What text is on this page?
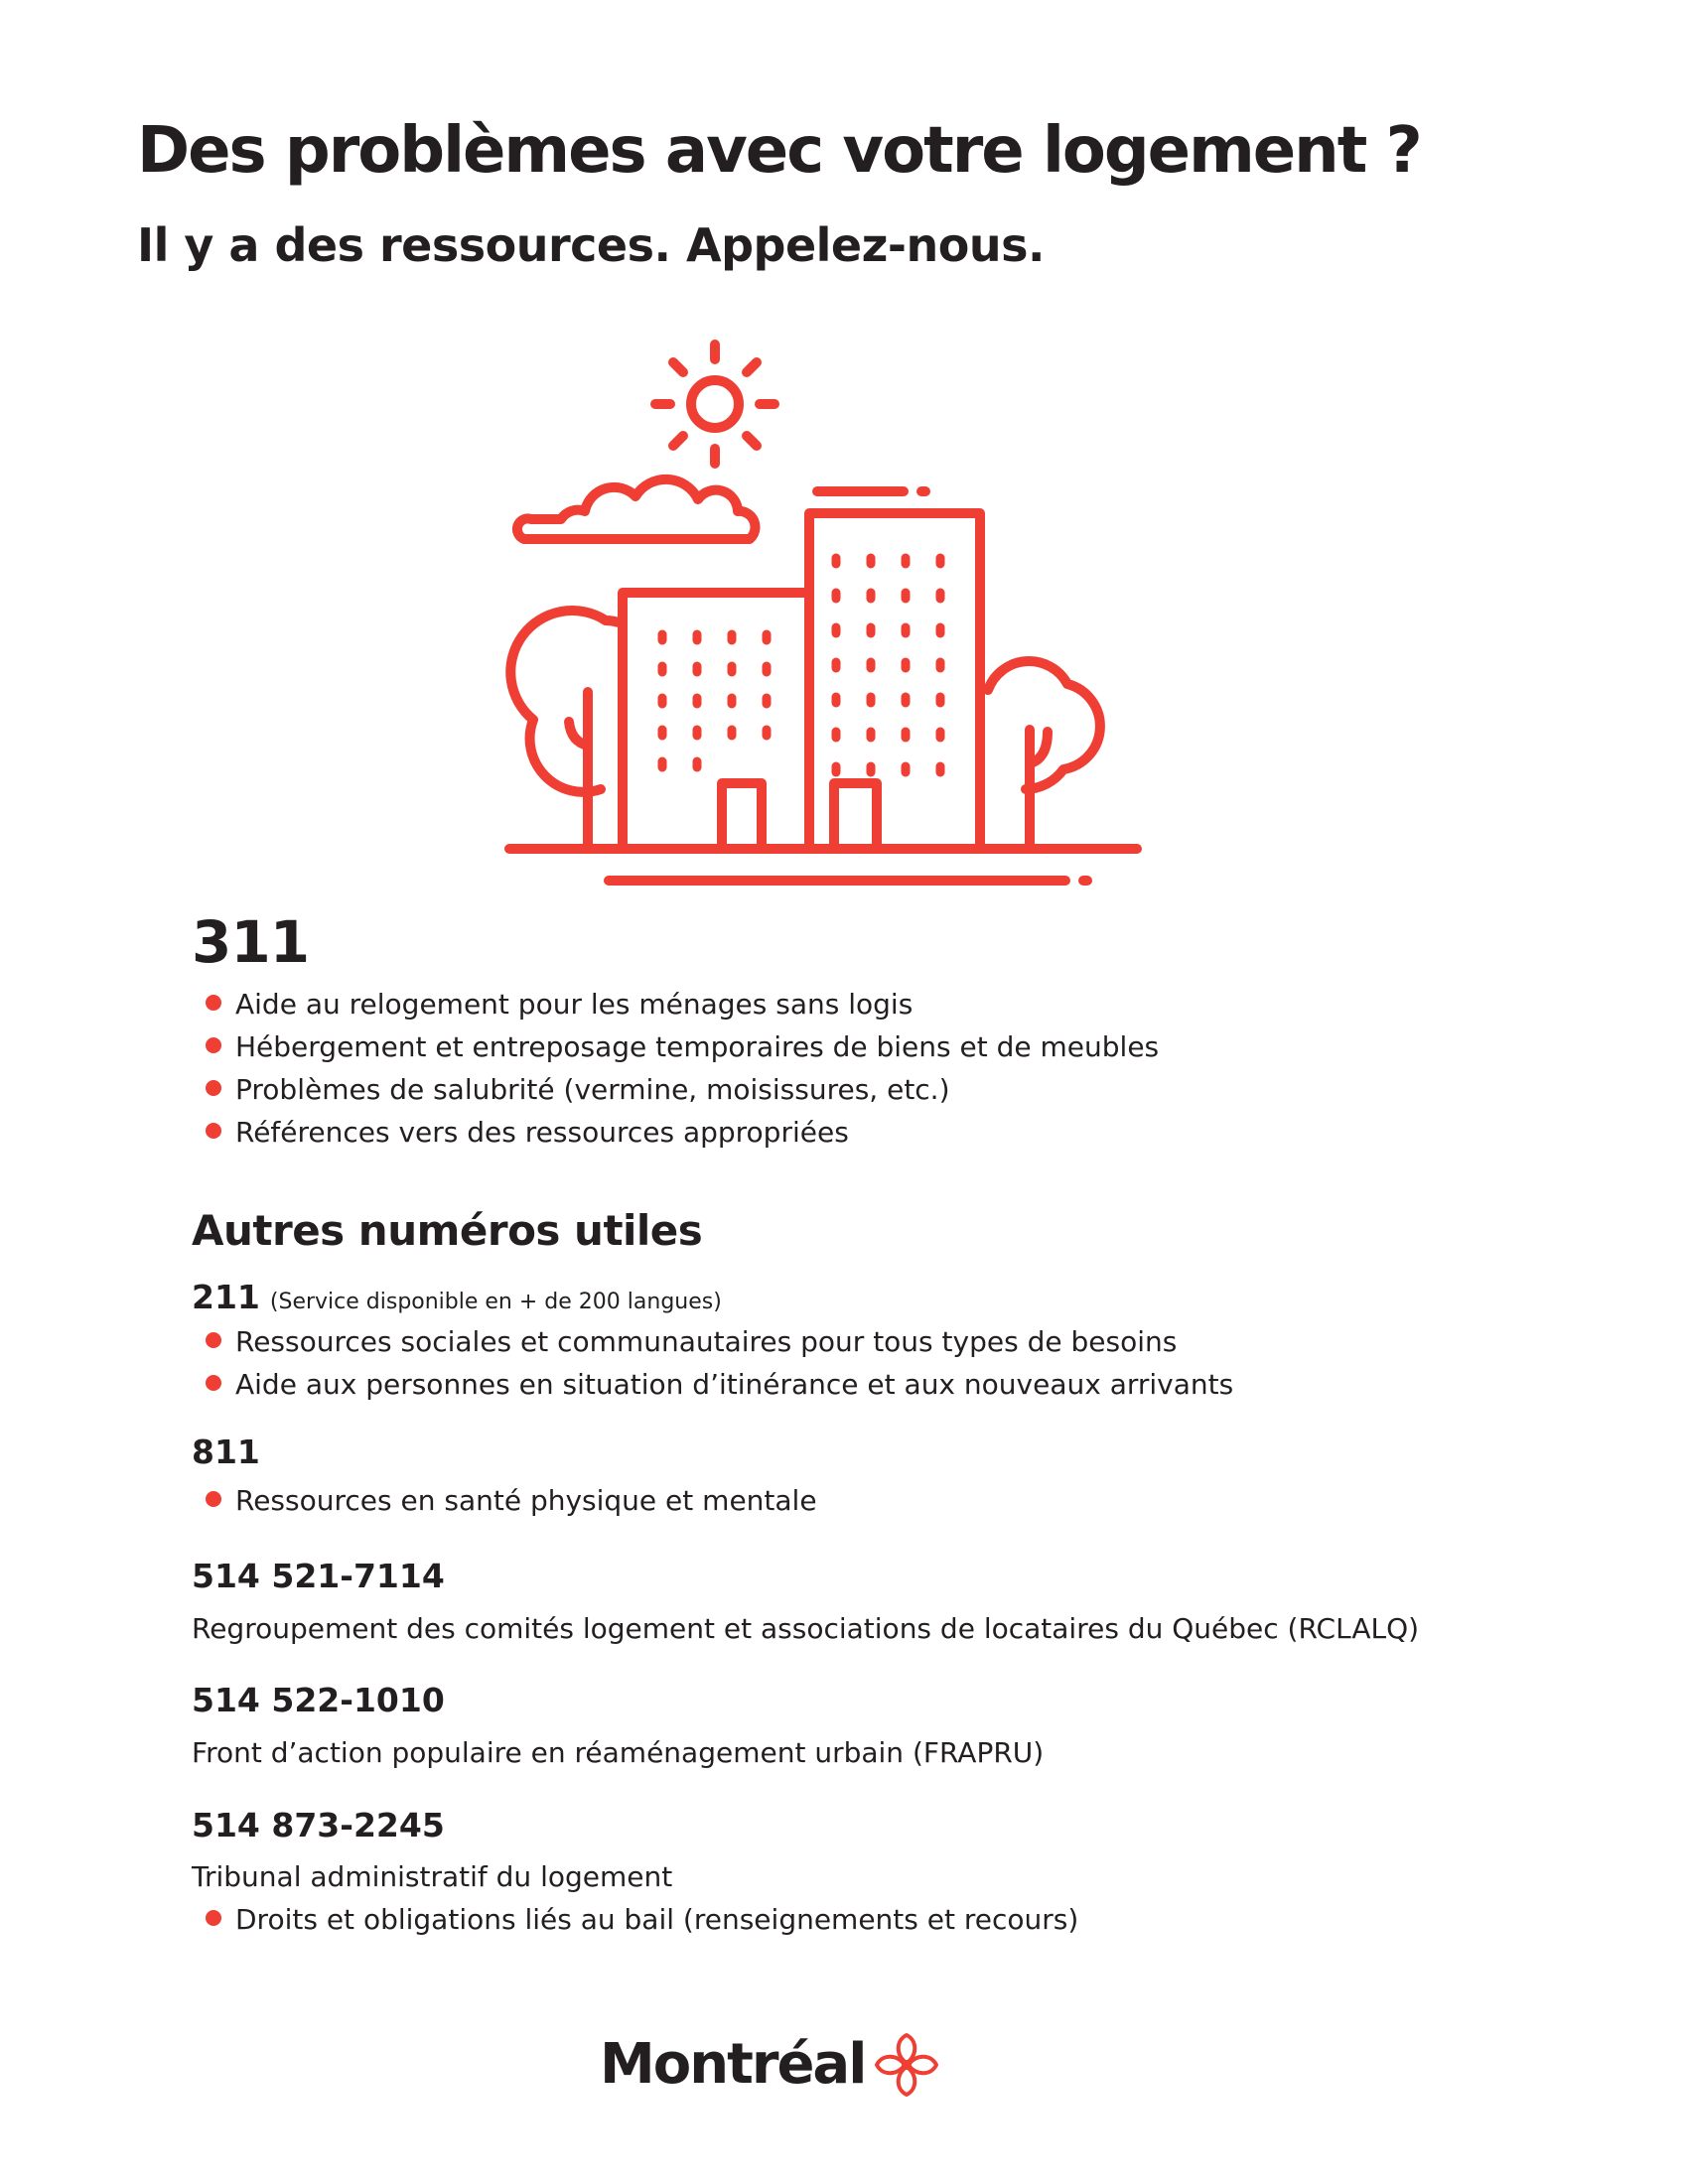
Des problèmes avec votre logement ?
Il y a des ressources. Appelez-nous.
311
Aide au relogement pour les ménages sans logis
Hébergement et entreposage temporaires de biens et de meubles
Problèmes de salubrité (vermine, moisissures, etc.)
Références vers des ressources appropriées
Autres numéros utiles
211 (Service disponible en + de 200 langues)
Ressources sociales et communautaires pour tous types de besoins
Aide aux personnes en situation d’itinérance et aux nouveaux arrivants
811
Ressources en santé physique et mentale
514 521-7114
Regroupement des comités logement et associations de locataires du Québec (RCLALQ)
514 522-1010
Front d’action populaire en réaménagement urbain (FRAPRU)
514 873-2245
Tribunal administratif du logement
Droits et obligations liés au bail (renseignements et recours)
Montréal
